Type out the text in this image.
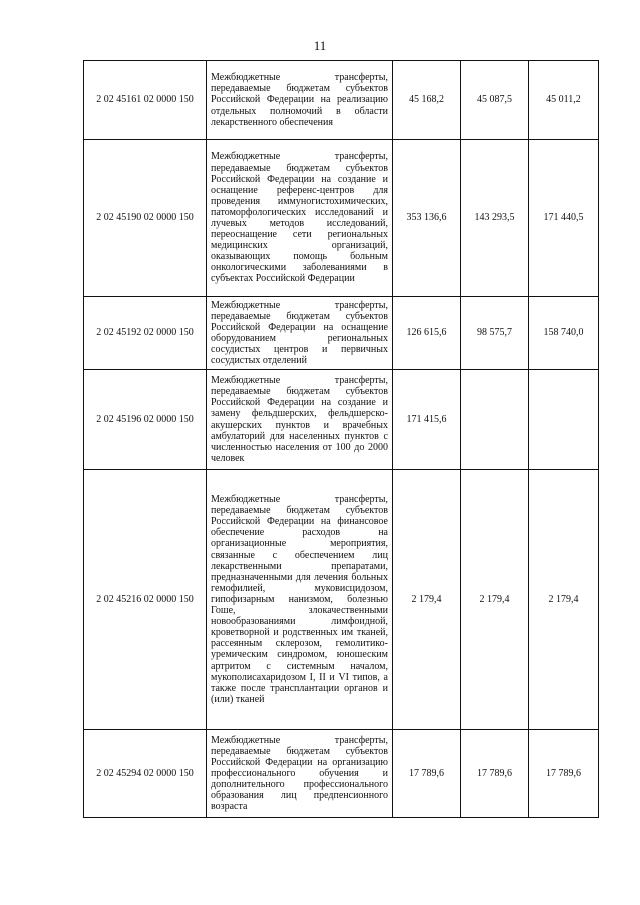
11
2 02 45161 02 0000 150	Межбюджетные трансферты, передаваемые бюджетам субъектов Российской Федерации на реализацию отдельных полномочий в области лекарственного обеспечения	45 168,2	45 087,5	45 011,2
2 02 45190 02 0000 150	Межбюджетные трансферты, передаваемые бюджетам субъектов Российской Федерации на создание и оснащение референс-центров для проведения иммуногистохимических, патоморфологических исследований и лучевых методов исследований, переоснащение сети региональных медицинских организаций, оказывающих помощь больным онкологическими заболеваниями в субъектах Российской Федерации	353 136,6	143 293,5	171 440,5
2 02 45192 02 0000 150	Межбюджетные трансферты, передаваемые бюджетам субъектов Российской Федерации на оснащение оборудованием региональных сосудистых центров и первичных сосудистых отделений	126 615,6	98 575,7	158 740,0
2 02 45196 02 0000 150	Межбюджетные трансферты, передаваемые бюджетам субъектов Российской Федерации на создание и замену фельдшерских, фельдшерско-акушерских пунктов и врачебных амбулаторий для населенных пунктов с численностью населения от 100 до 2000 человек	171 415,6		
2 02 45216 02 0000 150	Межбюджетные трансферты, передаваемые бюджетам субъектов Российской Федерации на финансовое обеспечение расходов на организационные мероприятия, связанные с обеспечением лиц лекарственными препаратами, предназначенными для лечения больных гемофилией, муковисцидозом, гипофизарным нанизмом, болезнью Гоше, злокачественными новообразованиями лимфоидной, кроветворной и родственных им тканей, рассеянным склерозом, гемолитико-уремическим синдромом, юношеским артритом с системным началом, мукополисахаридозом I, II и VI типов, а также после трансплантации органов и (или) тканей	2 179,4	2 179,4	2 179,4
2 02 45294 02 0000 150	Межбюджетные трансферты, передаваемые бюджетам субъектов Российской Федерации на организацию профессионального обучения и дополнительного профессионального образования лиц предпенсионного возраста	17 789,6	17 789,6	17 789,6
